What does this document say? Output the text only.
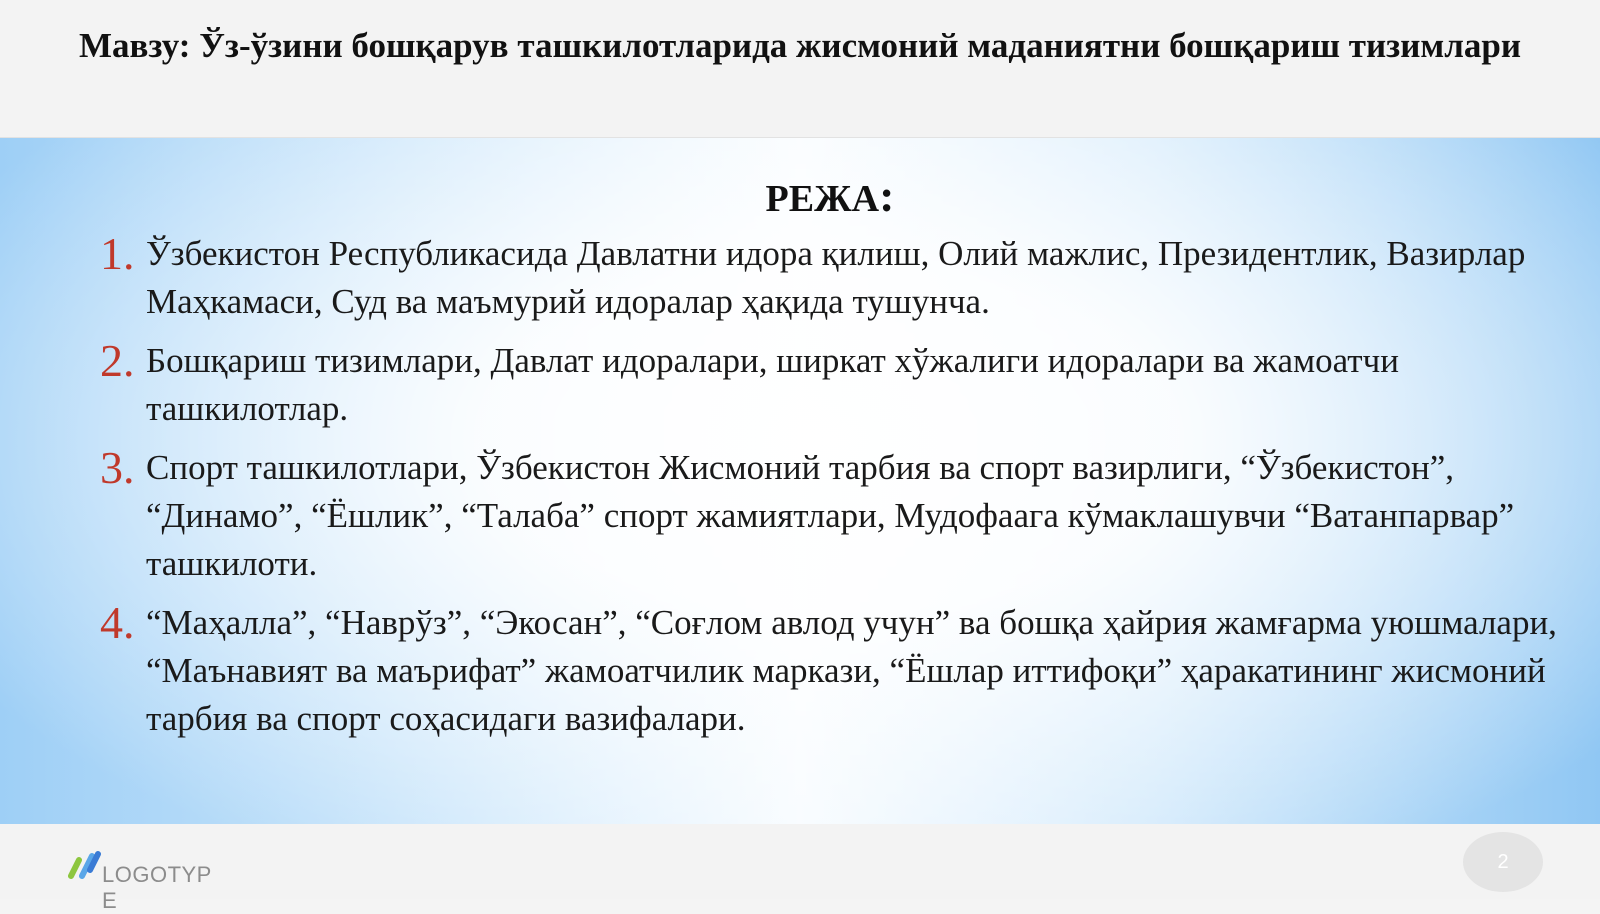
Мавзу: Ўз-ўзини бошқарув ташкилотларида жисмоний маданиятни бошқариш тизимлари
РЕЖА:
1. Ўзбекистон Республикасида Давлатни идора қилиш, Олий мажлис, Президентлик, Вазирлар Маҳкамаси, Суд ва маъмурий идоралар ҳақида тушунча.
2. Бошқариш тизимлари, Давлат идоралари, ширкат хўжалиги идоралари ва жамоатчи ташкилотлар.
3. Спорт ташкилотлари, Ўзбекистон Жисмоний тарбия ва спорт вазирлиги, “Ўзбекистон”, “Динамо”, “Ёшлик”, “Талаба” спорт жамиятлари, Мудофаага кўмаклашувчи “Ватанпарвар” ташкилоти.
4. “Маҳалла”, “Наврўз”, “Экосан”, “Соғлом авлод учун” ва бошқа ҳайрия жамғарма уюшмалари, “Маънавият ва маърифат” жамоатчилик маркази, “Ёшлар иттифоқи” ҳаракатининг жисмоний тарбия ва спорт соҳасидаги вазифалари.
LOGOTYPE
2
